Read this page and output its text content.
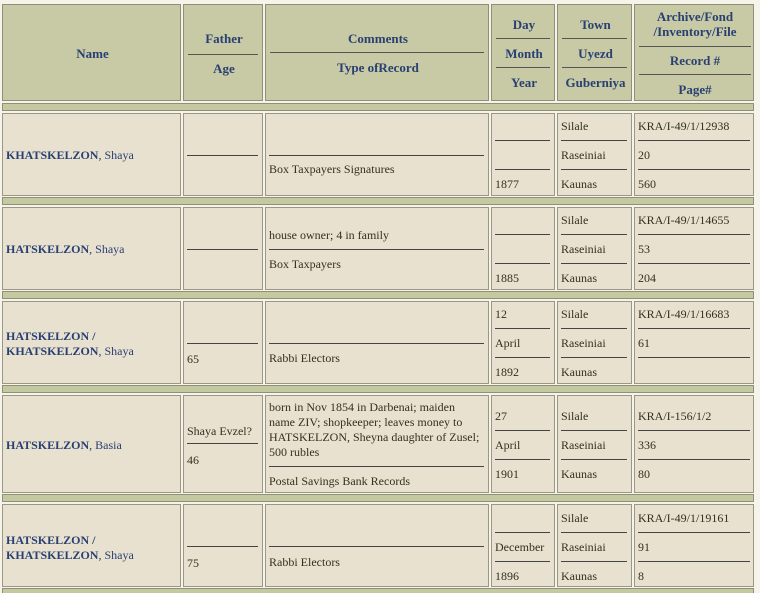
Name
Father
Age
Comments
Type ofRecord
Day
Month
Year
Town
Uyezd
Guberniya
Archive/Fond /Inventory/File
Record #
Page#
KHATSKELZON, Shaya
Box Taxpayers Signatures
1877
Silale
Raseiniai
Kaunas
KRA/I-49/1/12938
20
560
HATSKELZON, Shaya
house owner; 4 in family
Box Taxpayers
1885
Silale
Raseiniai
Kaunas
KRA/I-49/1/14655
53
204
HATSKELZON /
KHATSKELZON, Shaya
65	Rabbi Electors
12
April
1892
Silale
Raseiniai
Kaunas
KRA/I-49/1/16683
61
HATSKELZON, Basia
Shaya Evzel?
46
born in Nov 1854 in Darbenai; maiden name ZIV; shopkeeper; leaves money to HATSKELZON, Sheyna daughter of Zusel; 500 rubles
Postal Savings Bank Records
27
April
1901
Silale
Raseiniai
Kaunas
KRA/I-156/1/2
336
80
HATSKELZON /
KHATSKELZON, Shaya
75	Rabbi Electors
December
1896
Silale
Raseiniai
Kaunas
KRA/I-49/1/19161
91
8
